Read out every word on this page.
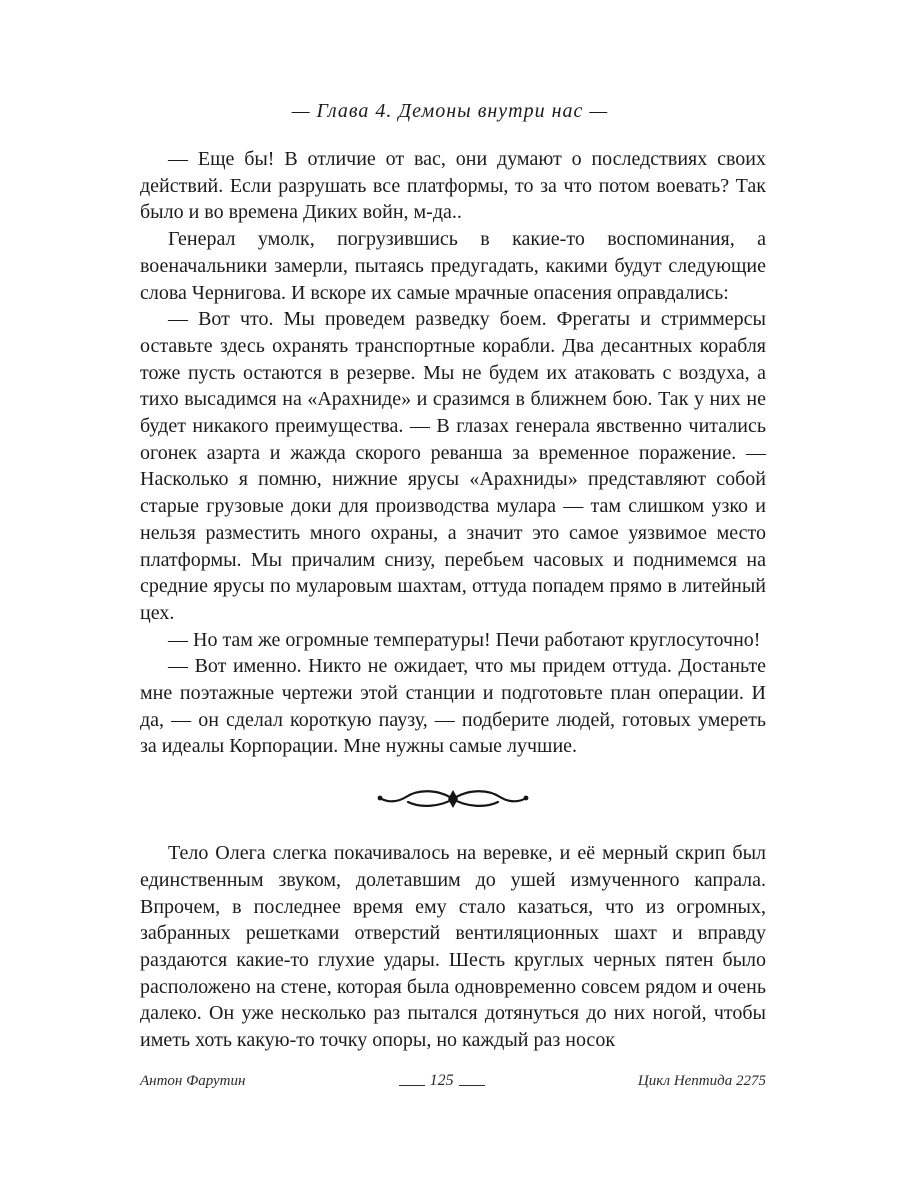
— Глава 4. Демоны внутри нас —

— Еще бы! В отличие от вас, они думают о последствиях своих действий. Если разрушать все платформы, то за что потом воевать? Так было и во времена Диких войн, м-да..

Генерал умолк, погрузившись в какие-то воспоминания, а военачальники замерли, пытаясь предугадать, какими будут следующие слова Чернигова. И вскоре их самые мрачные опасения оправдались:

— Вот что. Мы проведем разведку боем. Фрегаты и стриммерсы оставьте здесь охранять транспортные корабли. Два десантных корабля тоже пусть остаются в резерве. Мы не будем их атаковать с воздуха, а тихо высадимся на «Арахниде» и сразимся в ближнем бою. Так у них не будет никакого преимущества. — В глазах генерала явственно читались огонек азарта и жажда скорого реванша за временное поражение. — Насколько я помню, нижние ярусы «Арахниды» представляют собой старые грузовые доки для производства мулара — там слишком узко и нельзя разместить много охраны, а значит это самое уязвимое место платформы. Мы причалим снизу, перебьем часовых и поднимемся на средние ярусы по муларовым шахтам, оттуда попадем прямо в литейный цех.

— Но там же огромные температуры! Печи работают круглосуточно!

— Вот именно. Никто не ожидает, что мы придем оттуда. Достаньте мне поэтажные чертежи этой станции и подготовьте план операции. И да, — он сделал короткую паузу, — подберите людей, готовых умереть за идеалы Корпорации. Мне нужны самые лучшие.

Тело Олега слегка покачивалось на веревке, и её мерный скрип был единственным звуком, долетавшим до ушей измученного капрала. Впрочем, в последнее время ему стало казаться, что из огромных, забранных решетками отверстий вентиляционных шахт и вправду раздаются какие-то глухие удары. Шесть круглых черных пятен было расположено на стене, которая была одновременно совсем рядом и очень далеко. Он уже несколько раз пытался дотянуться до них ногой, чтобы иметь хоть какую-то точку опоры, но каждый раз носок

Антон Фарутин	125	Цикл Нептида 2275
